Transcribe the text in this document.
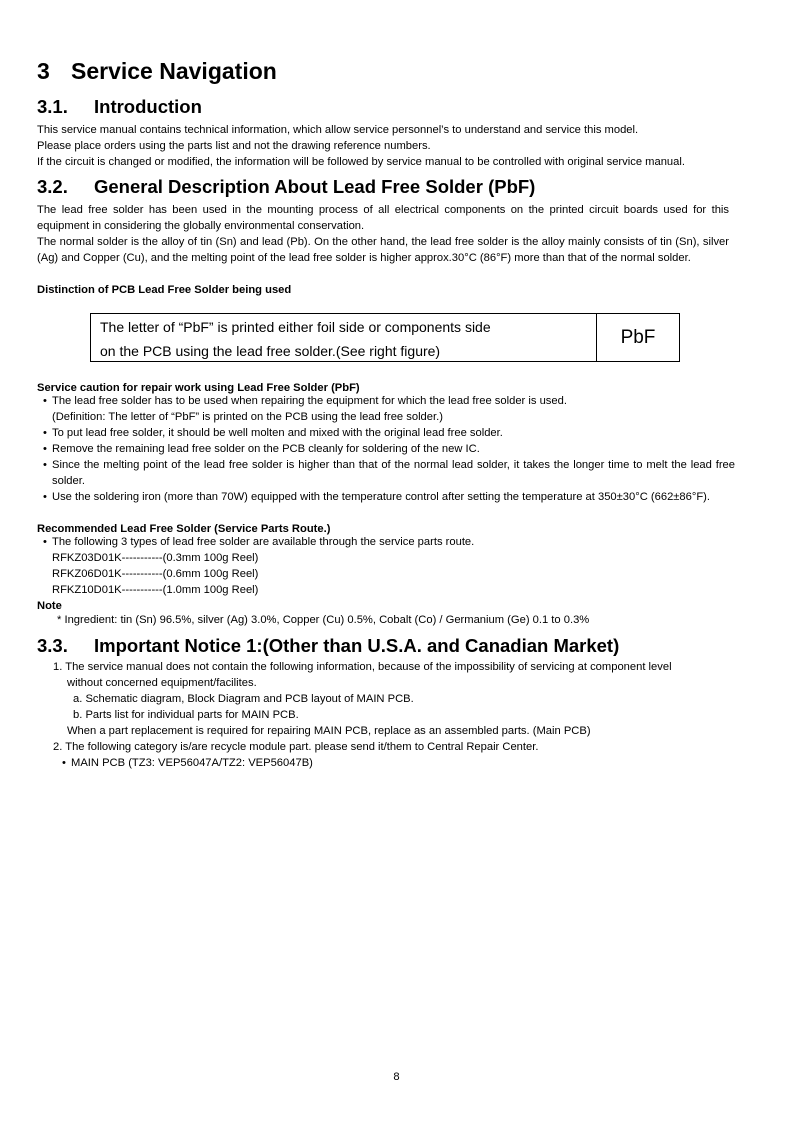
3 Service Navigation
3.1. Introduction
This service manual contains technical information, which allow service personnel’s to understand and service this model.
Please place orders using the parts list and not the drawing reference numbers.
If the circuit is changed or modified, the information will be followed by service manual to be controlled with original service manual.
3.2. General Description About Lead Free Solder (PbF)
The lead free solder has been used in the mounting process of all electrical components on the printed circuit boards used for this equipment in considering the globally environmental conservation.
The normal solder is the alloy of tin (Sn) and lead (Pb). On the other hand, the lead free solder is the alloy mainly consists of tin (Sn), silver (Ag) and Copper (Cu), and the melting point of the lead free solder is higher approx.30°C (86°F) more than that of the normal solder.
Distinction of PCB Lead Free Solder being used
The letter of “PbF” is printed either foil side or components side
on the PCB using the lead free solder.(See right figure)
PbF
Service caution for repair work using Lead Free Solder (PbF)
• The lead free solder has to be used when repairing the equipment for which the lead free solder is used.
(Definition: The letter of “PbF” is printed on the PCB using the lead free solder.)
• To put lead free solder, it should be well molten and mixed with the original lead free solder.
• Remove the remaining lead free solder on the PCB cleanly for soldering of the new IC.
• Since the melting point of the lead free solder is higher than that of the normal lead solder, it takes the longer time to melt the lead free solder.
• Use the soldering iron (more than 70W) equipped with the temperature control after setting the temperature at 350±30°C (662±86°F).
Recommended Lead Free Solder (Service Parts Route.)
• The following 3 types of lead free solder are available through the service parts route.
RFKZ03D01K-----------(0.3mm 100g Reel)
RFKZ06D01K-----------(0.6mm 100g Reel)
RFKZ10D01K-----------(1.0mm 100g Reel)
Note
* Ingredient: tin (Sn) 96.5%, silver (Ag) 3.0%, Copper (Cu) 0.5%, Cobalt (Co) / Germanium (Ge) 0.1 to 0.3%
3.3. Important Notice 1:(Other than U.S.A. and Canadian Market)
1. The service manual does not contain the following information, because of the impossibility of servicing at component level
without concerned equipment/facilites.
a. Schematic diagram, Block Diagram and PCB layout of MAIN PCB.
b. Parts list for individual parts for MAIN PCB.
When a part replacement is required for repairing MAIN PCB, replace as an assembled parts. (Main PCB)
2. The following category is/are recycle module part. please send it/them to Central Repair Center.
• MAIN PCB (TZ3: VEP56047A/TZ2: VEP56047B)
8
